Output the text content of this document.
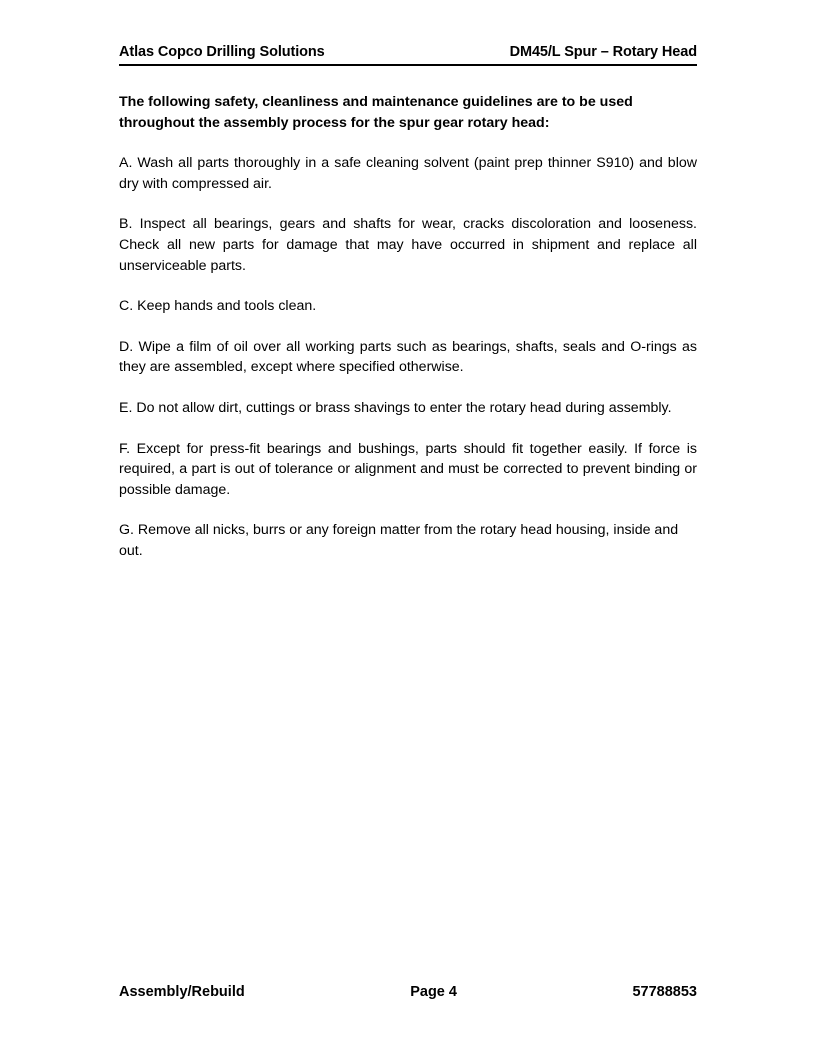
Atlas Copco Drilling Solutions	DM45/L Spur – Rotary Head
The following safety, cleanliness and maintenance guidelines are to be used throughout the assembly process for the spur gear rotary head:
A. Wash all parts thoroughly in a safe cleaning solvent (paint prep thinner S910) and blow dry with compressed air.
B. Inspect all bearings, gears and shafts for wear, cracks discoloration and looseness. Check all new parts for damage that may have occurred in shipment and replace all unserviceable parts.
C. Keep hands and tools clean.
D. Wipe a film of oil over all working parts such as bearings, shafts, seals and O-rings as they are assembled, except where specified otherwise.
E. Do not allow dirt, cuttings or brass shavings to enter the rotary head during assembly.
F. Except for press-fit bearings and bushings, parts should fit together easily. If force is required, a part is out of tolerance or alignment and must be corrected to prevent binding or possible damage.
G. Remove all nicks, burrs or any foreign matter from the rotary head housing, inside and out.
Assembly/Rebuild	Page 4	57788853
